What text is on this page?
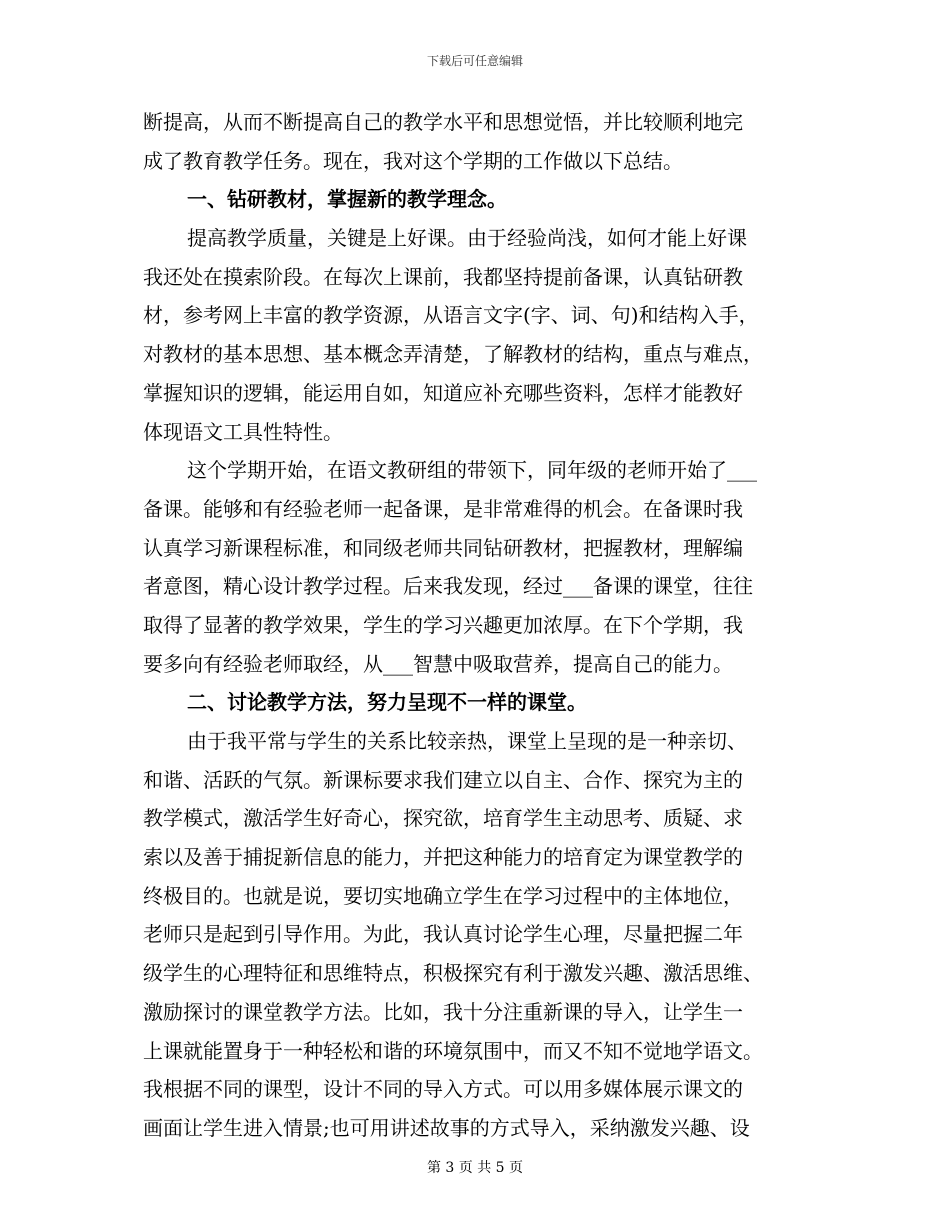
下载后可任意编辑
断提高，从而不断提高自己的教学水平和思想觉悟，并比较顺利地完
成了教育教学任务。现在，我对这个学期的工作做以下总结。
一、钻研教材，掌握新的教学理念。
提高教学质量，关键是上好课。由于经验尚浅，如何才能上好课
我还处在摸索阶段。在每次上课前，我都坚持提前备课，认真钻研教
材，参考网上丰富的教学资源，从语言文字(字、词、句)和结构入手，
对教材的基本思想、基本概念弄清楚，了解教材的结构，重点与难点，
掌握知识的逻辑，能运用自如，知道应补充哪些资料，怎样才能教好
体现语文工具性特性。
这个学期开始，在语文教研组的带领下，同年级的老师开始了___
备课。能够和有经验老师一起备课，是非常难得的机会。在备课时我
认真学习新课程标准，和同级老师共同钻研教材，把握教材，理解编
者意图，精心设计教学过程。后来我发现，经过___备课的课堂，往往
取得了显著的教学效果，学生的学习兴趣更加浓厚。在下个学期，我
要多向有经验老师取经，从___智慧中吸取营养，提高自己的能力。
二、讨论教学方法，努力呈现不一样的课堂。
由于我平常与学生的关系比较亲热，课堂上呈现的是一种亲切、
和谐、活跃的气氛。新课标要求我们建立以自主、合作、探究为主的
教学模式，激活学生好奇心，探究欲，培育学生主动思考、质疑、求
索以及善于捕捉新信息的能力，并把这种能力的培育定为课堂教学的
终极目的。也就是说，要切实地确立学生在学习过程中的主体地位，
老师只是起到引导作用。为此，我认真讨论学生心理，尽量把握二年
级学生的心理特征和思维特点，积极探究有利于激发兴趣、激活思维、
激励探讨的课堂教学方法。比如，我十分注重新课的导入，让学生一
上课就能置身于一种轻松和谐的环境氛围中，而又不知不觉地学语文。
我根据不同的课型，设计不同的导入方式。可以用多媒体展示课文的
画面让学生进入情景;也可用讲述故事的方式导入，采纳激发兴趣、设
第 3 页 共 5 页
